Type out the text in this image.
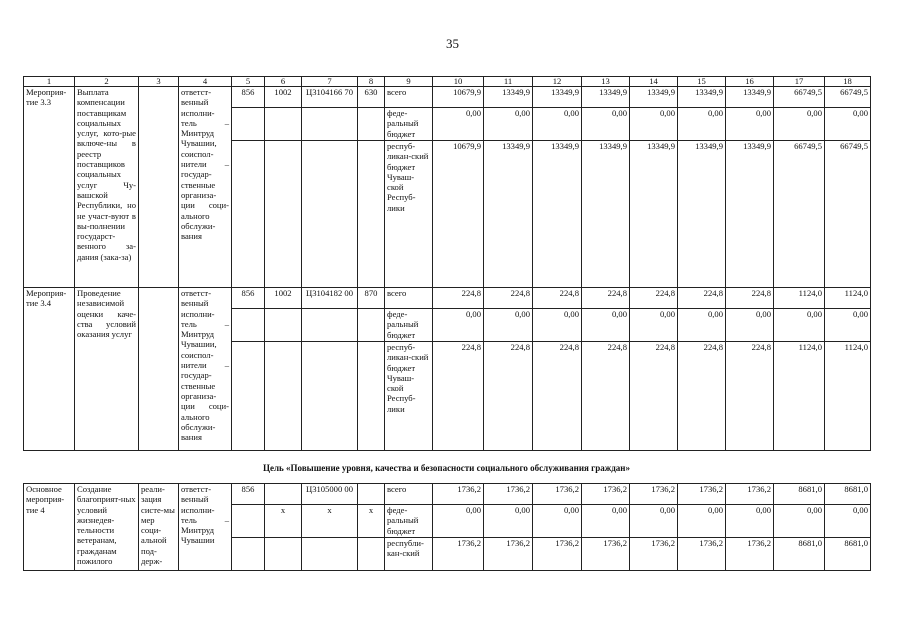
35
1	2	3	4	5	6	7	8	9	10	11	12	13	14	15	16	17	18
Мероприя-тие 3.3	Выплата компенсации поставщикам социальных услуг, кото-рые включе-ны в реестр поставщиков социальных услуг Чу-вашской Республики, но не участ-вуют в вы-полнении государст-венного за-дания (зака-за)		ответст-венный исполни-тель – Минтруд Чувашии, соиспол-нители – государ-ственные организа-ции соци-ального обслужи-вания	856	1002	Ц3104166 70	630	всего	10679,9	13349,9	13349,9	13349,9	13349,9	13349,9	13349,9	66749,5	66749,5
								феде-ральный бюджет	0,00	0,00	0,00	0,00	0,00	0,00	0,00	0,00	0,00
								респуб-ликан-ский бюджет Чуваш-ской Респуб-лики	10679,9	13349,9	13349,9	13349,9	13349,9	13349,9	13349,9	66749,5	66749,5
Мероприя-тие 3.4	Проведение независимой оценки каче-ства условий оказания услуг		ответст-венный исполни-тель – Минтруд Чувашии, соиспол-нители – государ-ственные организа-ции соци-ального обслужи-вания	856	1002	Ц3104182 00	870	всего	224,8	224,8	224,8	224,8	224,8	224,8	224,8	1124,0	1124,0
								феде-ральный бюджет	0,00	0,00	0,00	0,00	0,00	0,00	0,00	0,00	0,00
								респуб-ликан-ский бюджет Чуваш-ской Респуб-лики	224,8	224,8	224,8	224,8	224,8	224,8	224,8	1124,0	1124,0
Цель «Повышение уровня, качества и безопасности социального обслуживания граждан»
Основное мероприя-тие 4	Создание благоприят-ных условий жизнедея-тельности ветеранам, гражданам пожилого	реали-зация систе-мы мер соци-альной под-держ-	ответст-венный исполни-тель – Минтруд Чувашии	856		Ц3105000 00		всего	1736,2	1736,2	1736,2	1736,2	1736,2	1736,2	1736,2	8681,0	8681,0
					х	х	х	феде-ральный бюджет	0,00	0,00	0,00	0,00	0,00	0,00	0,00	0,00	0,00
								республи-кан-ский	1736,2	1736,2	1736,2	1736,2	1736,2	1736,2	1736,2	8681,0	8681,0
